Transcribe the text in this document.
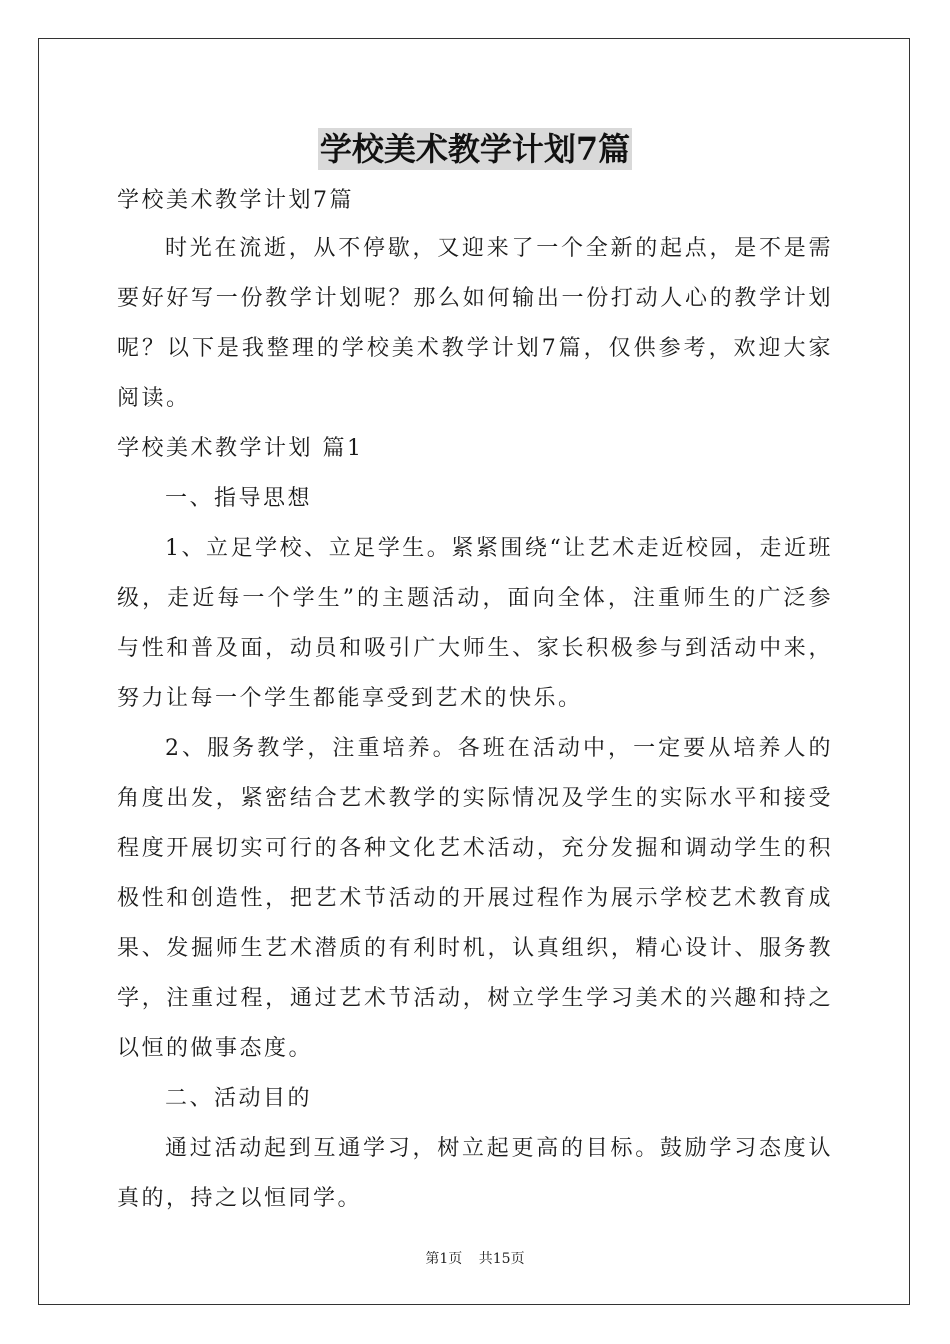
学校美术教学计划7篇
学校美术教学计划7篇

时光在流逝，从不停歇，又迎来了一个全新的起点，是不是需要好好写一份教学计划呢？那么如何输出一份打动人心的教学计划呢？以下是我整理的学校美术教学计划7篇，仅供参考，欢迎大家阅读。

学校美术教学计划 篇1

一、指导思想

1、立足学校、立足学生。紧紧围绕“让艺术走近校园，走近班级，走近每一个学生”的主题活动，面向全体，注重师生的广泛参与性和普及面，动员和吸引广大师生、家长积极参与到活动中来，努力让每一个学生都能享受到艺术的快乐。

2、服务教学，注重培养。各班在活动中，一定要从培养人的角度出发，紧密结合艺术教学的实际情况及学生的实际水平和接受程度开展切实可行的各种文化艺术活动，充分发掘和调动学生的积极性和创造性，把艺术节活动的开展过程作为展示学校艺术教育成果、发掘师生艺术潜质的有利时机，认真组织，精心设计、服务教学，注重过程，通过艺术节活动，树立学生学习美术的兴趣和持之以恒的做事态度。

二、活动目的

通过活动起到互通学习，树立起更高的目标。鼓励学习态度认真的，持之以恒同学。

第1页 共15页
